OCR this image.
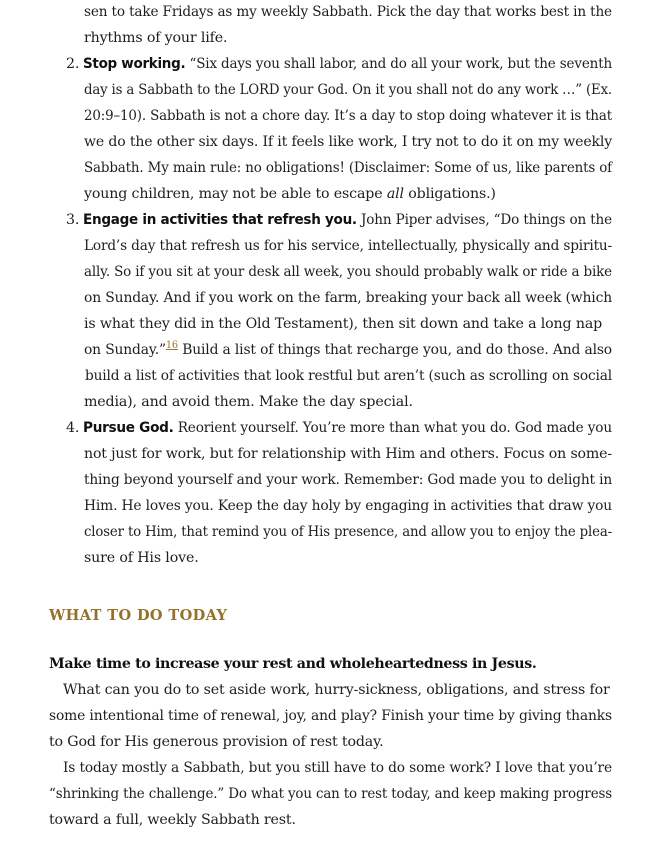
sen to take Fridays as my weekly Sabbath. Pick the day that works best in the
rhythms of your life.
2. Stop working. “Six days you shall labor, and do all your work, but the seventh
day is a Sabbath to the LORD your God. On it you shall not do any work …” (Ex.
20:9–10). Sabbath is not a chore day. It’s a day to stop doing whatever it is that
we do the other six days. If it feels like work, I try not to do it on my weekly
Sabbath. My main rule: no obligations! (Disclaimer: Some of us, like parents of
young children, may not be able to escape all obligations.)
3. Engage in activities that refresh you. John Piper advises, “Do things on the
Lord’s day that refresh us for his service, intellectually, physically and spiritu-
ally. So if you sit at your desk all week, you should probably walk or ride a bike
on Sunday. And if you work on the farm, breaking your back all week (which
is what they did in the Old Testament), then sit down and take a long nap
on Sunday.”$^{16}$ Build a list of things that recharge you, and do those. And also
build a list of activities that look restful but aren’t (such as scrolling on social
media), and avoid them. Make the day special.
4. Pursue God. Reorient yourself. You’re more than what you do. God made you
not just for work, but for relationship with Him and others. Focus on some-
thing beyond yourself and your work. Remember: God made you to delight in
Him. He loves you. Keep the day holy by engaging in activities that draw you
closer to Him, that remind you of His presence, and allow you to enjoy the plea-
sure of His love.
WHAT TO DO TODAY
Make time to increase your rest and wholeheartedness in Jesus.
What can you do to set aside work, hurry-sickness, obligations, and stress for
some intentional time of renewal, joy, and play? Finish your time by giving thanks
to God for His generous provision of rest today.
Is today mostly a Sabbath, but you still have to do some work? I love that you’re
“shrinking the challenge.” Do what you can to rest today, and keep making progress
toward a full, weekly Sabbath rest.
